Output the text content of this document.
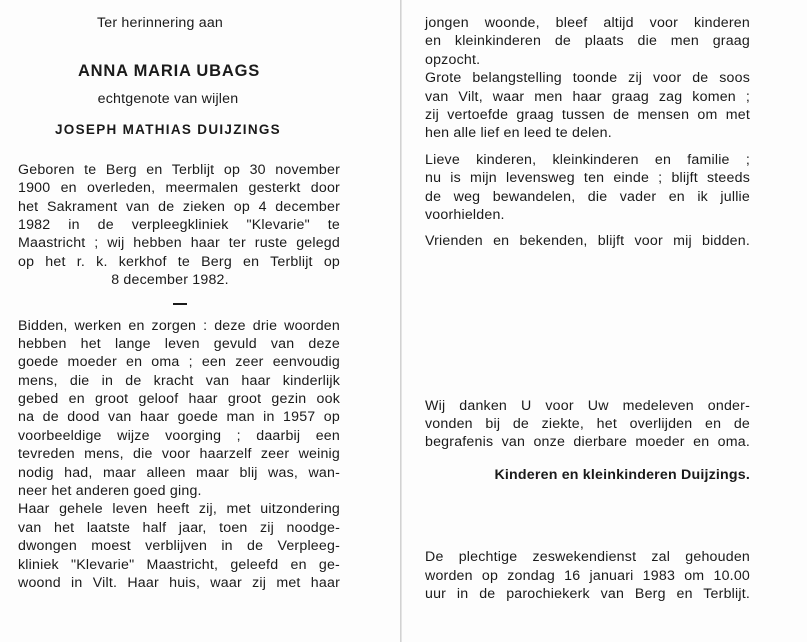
Ter herinnering aan
ANNA MARIA UBAGS
echtgenote van wijlen
JOSEPH MATHIAS DUIJZINGS
Geboren te Berg en Terblijt op 30 november
1900 en overleden, meermalen gesterkt door
het Sakrament van de zieken op 4 december
1982 in de verpleegkliniek "Klevarie" te
Maastricht ; wij hebben haar ter ruste gelegd
op het r. k. kerkhof te Berg en Terblijt op
8 december 1982.
Bidden, werken en zorgen : deze drie woorden
hebben het lange leven gevuld van deze
goede moeder en oma ; een zeer eenvoudig
mens, die in de kracht van haar kinderlijk
gebed en groot geloof haar groot gezin ook
na de dood van haar goede man in 1957 op
voorbeeldige wijze voorging ; daarbij een
tevreden mens, die voor haarzelf zeer weinig
nodig had, maar alleen maar blij was, wan-
neer het anderen goed ging.
Haar gehele leven heeft zij, met uitzondering
van het laatste half jaar, toen zij noodge-
dwongen moest verblijven in de Verpleeg-
kliniek "Klevarie" Maastricht, geleefd en ge-
woond in Vilt. Haar huis, waar zij met haar
jongen woonde, bleef altijd voor kinderen
en kleinkinderen de plaats die men graag
opzocht.
Grote belangstelling toonde zij voor de soos
van Vilt, waar men haar graag zag komen ;
zij vertoefde graag tussen de mensen om met
hen alle lief en leed te delen.
Lieve kinderen, kleinkinderen en familie ;
nu is mijn levensweg ten einde ; blijft steeds
de weg bewandelen, die vader en ik jullie
voorhielden.
Vrienden en bekenden, blijft voor mij bidden.
Wij danken U voor Uw medeleven onder-
vonden bij de ziekte, het overlijden en de
begrafenis van onze dierbare moeder en oma.
Kinderen en kleinkinderen Duijzings.
De plechtige zeswekendienst zal gehouden
worden op zondag 16 januari 1983 om 10.00
uur in de parochiekerk van Berg en Terblijt.
